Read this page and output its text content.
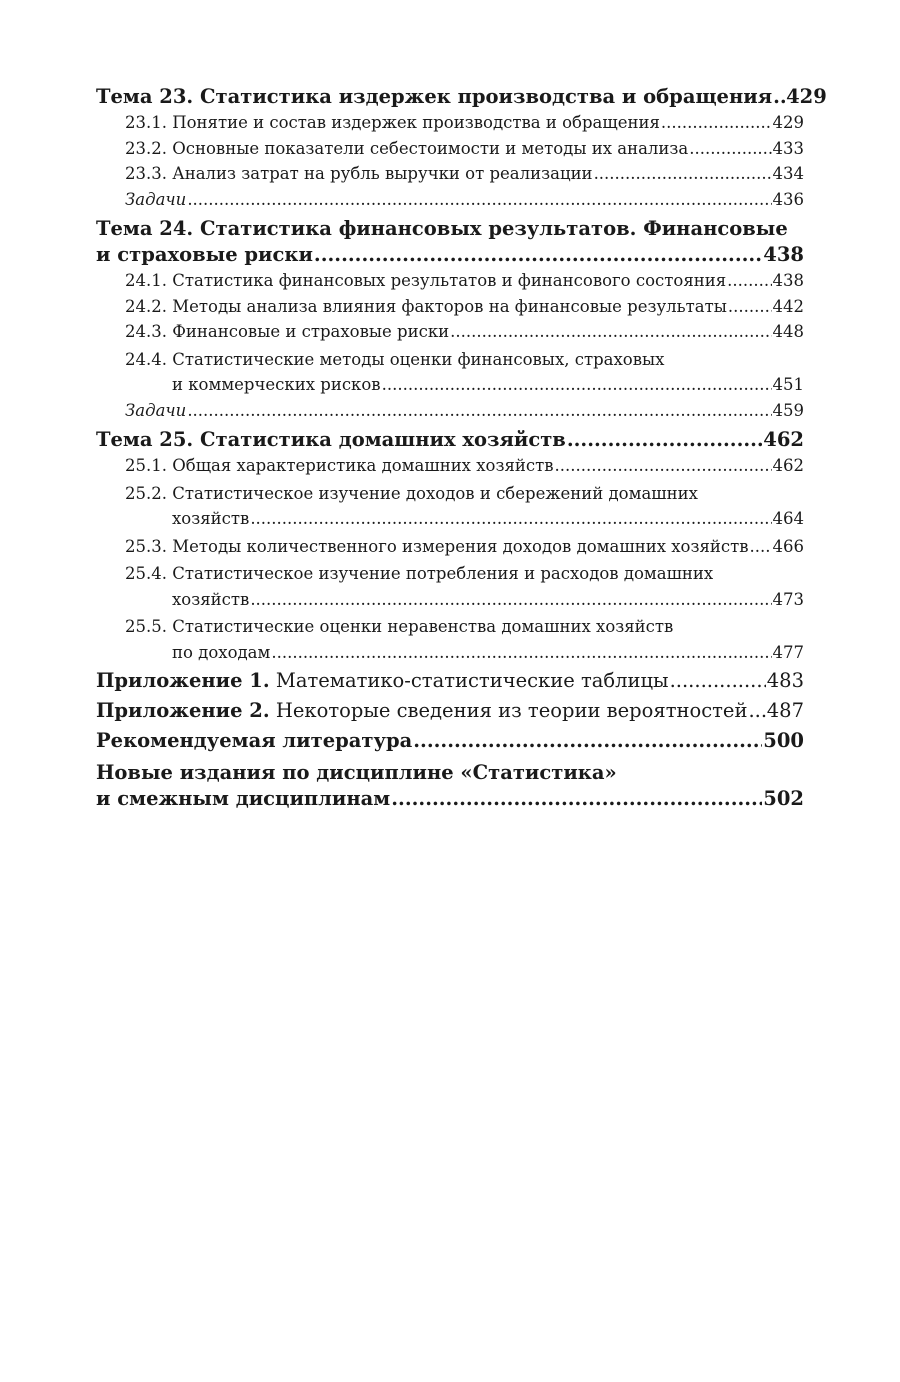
Тема 23. Статистика издержек производства и обращения ..... 429
23.1. Понятие и состав издержек производства и обращения .....	429
23.2. Основные показатели себестоимости и методы их анализа .....	433
23.3. Анализ затрат на рубль выручки от реализации .....	434
Задачи .....	436
Тема 24. Статистика финансовых результатов. Финансовые
и страховые риски .....	438
24.1. Статистика финансовых результатов и финансового состояния .....	438
24.2. Методы анализа влияния факторов на финансовые результаты .....	442
24.3. Финансовые и страховые риски .....	448
24.4. Статистические методы оценки финансовых, страховых
и коммерческих рисков .....	451
Задачи .....	459
Тема 25. Статистика домашних хозяйств .....	462
25.1. Общая характеристика домашних хозяйств .....	462
25.2. Статистическое изучение доходов и сбережений домашних
хозяйств .....	464
25.3. Методы количественного измерения доходов домашних хозяйств ..... 466
25.4. Статистическое изучение потребления и расходов домашних
хозяйств .....	473
25.5. Статистические оценки неравенства домашних хозяйств
по доходам .....	477
Приложение 1. Математико-статистические таблицы .....	483
Приложение 2. Некоторые сведения из теории вероятностей ..... 487
Рекомендуемая литература .....	500
Новые издания по дисциплине «Статистика»
и смежным дисциплинам .....	502
